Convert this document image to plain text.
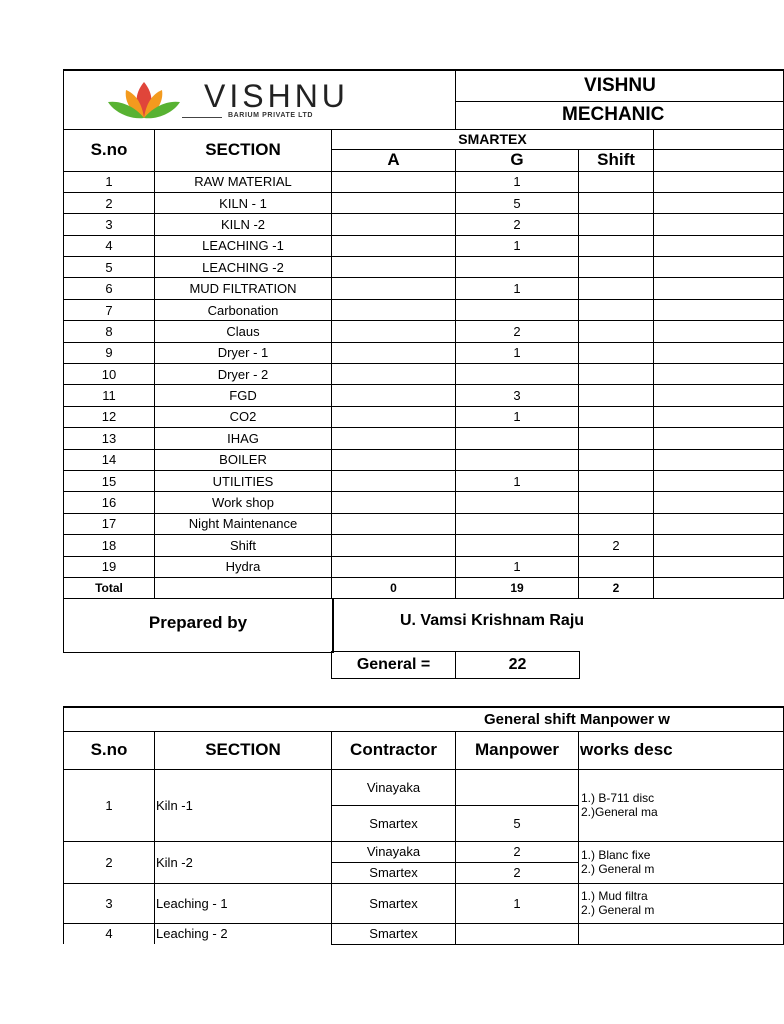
VISHNU
BARIUM PRIVATE LTD			VISHNU		
			MECHANIC		
S.no	SECTION	SMARTEX			
		A	G	Shift	
1	RAW MATERIAL		1		
2	KILN - 1		5		
3	KILN -2		2		
4	LEACHING -1		1		
5	LEACHING -2				
6	MUD FILTRATION		1		
7	Carbonation				
8	Claus		2		
9	Dryer - 1		1		
10	Dryer - 2				
11	FGD		3		
12	CO2		1		
13	IHAG				
14	BOILER				
15	UTILITIES		1		
16	Work shop				
17	Night Maintenance				
18	Shift			2	
19	Hydra		1		
Total		0	19	2	
Prepared by	U. Vamsi Krishnam Raju
General =	22
General shift Manpower w				
S.no	SECTION	Contractor	Manpower	works desc
1	Kiln -1	Vinayaka		1.) B-711 disc
2.)General ma

		Smartex	5	
2	Kiln -2	Vinayaka	2	1.) Blanc fixe
2.) General m

		Smartex	2	
3	Leaching - 1	Smartex	1	1.) Mud filtra
2.) General m

4	Leaching - 2	Smartex		
